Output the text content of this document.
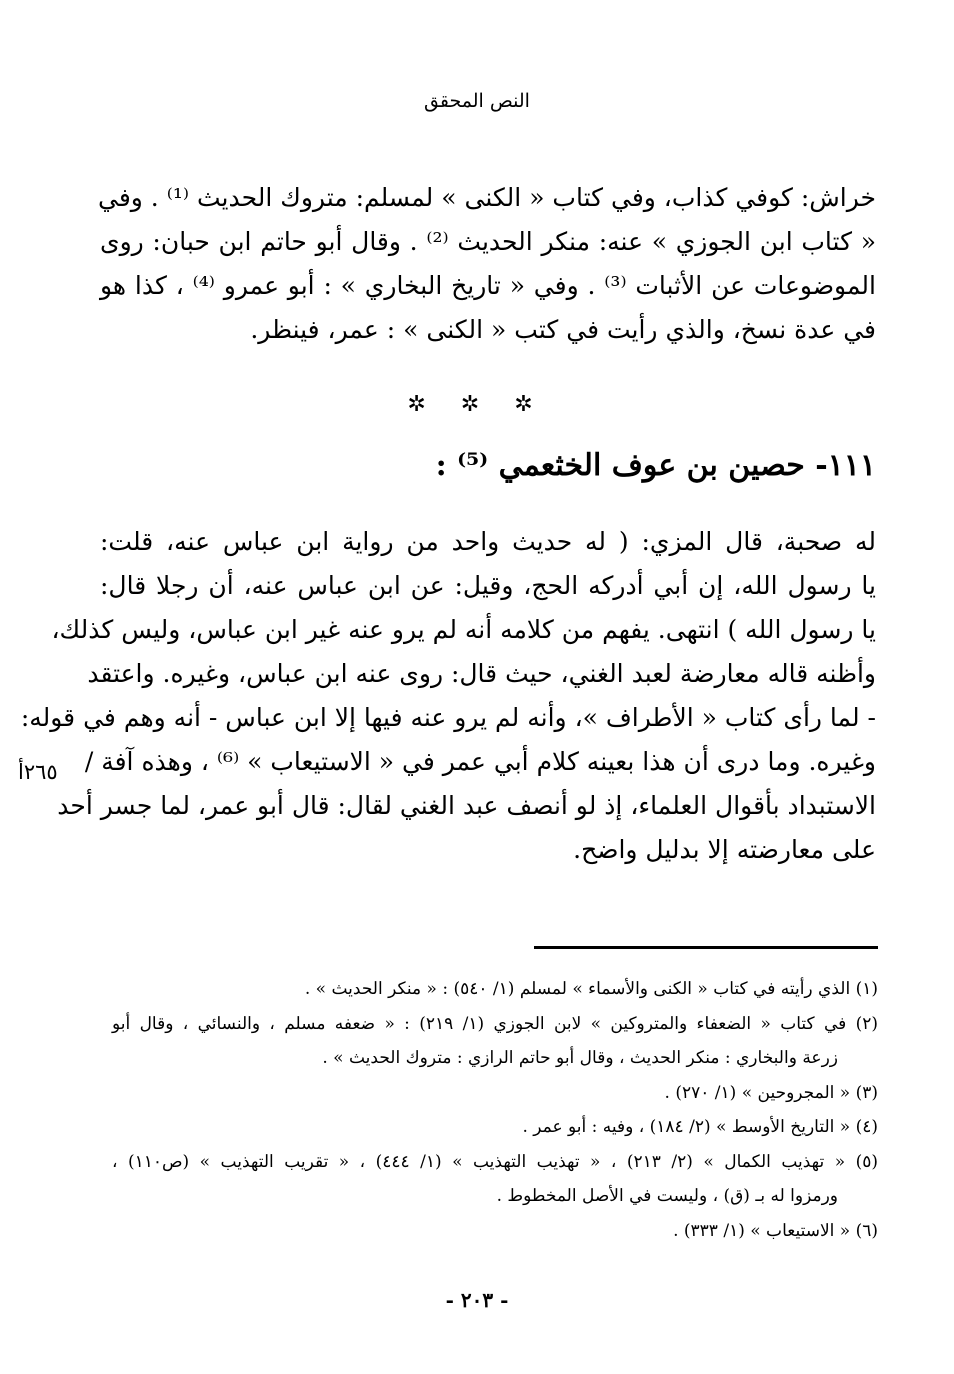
النص المحقق
خراش: كوفي كذاب، وفي كتاب « الكنى » لمسلم: متروك الحديث ⁽¹⁾ . وفي
« كتاب ابن الجوزي » عنه: منكر الحديث ⁽²⁾ . وقال أبو حاتم ابن حبان: روى
الموضوعات عن الأثبات ⁽³⁾ . وفي « تاريخ البخاري » : أبو عمرو ⁽⁴⁾ ، كذا هو
في عدة نسخ، والذي رأيت في كتب « الكنى » : عمر، فينظر.
✲ ✲ ✲
١١١- حصين بن عوف الخثعمي ⁽⁵⁾ :
له صحبة، قال المزي: ( له حديث واحد من رواية ابن عباس عنه، قلت:
يا رسول الله، إن أبي أدركه الحج، وقيل: عن ابن عباس عنه، أن رجلا قال:
يا رسول الله ) انتهى. يفهم من كلامه أنه لم يرو عنه غير ابن عباس، وليس كذلك،
وأظنه قاله معارضة لعبد الغني، حيث قال: روى عنه ابن عباس، وغيره. واعتقد
- لما رأى كتاب « الأطراف »، وأنه لم يرو عنه فيها إلا ابن عباس - أنه وهم في قوله:
وغيره. وما درى أن هذا بعينه كلام أبي عمر في « الاستيعاب » ⁽⁶⁾ ، وهذه آفة /
الاستبداد بأقوال العلماء، إذ لو أنصف عبد الغني لقال: قال أبو عمر، لما جسر أحد
على معارضته إلا بدليل واضح.
٢٦٥أ
(١) الذي رأيته في كتاب « الكنى والأسماء » لمسلم (١/ ٥٤٠) : « منكر الحديث » .
(٢) في كتاب « الضعفاء والمتروكين » لابن الجوزي (١/ ٢١٩) : « ضعفه مسلم ، والنسائي ، وقال أبو
زرعة والبخاري : منكر الحديث ، وقال أبو حاتم الرازي : متروك الحديث » .
(٣) « المجروحين » (١/ ٢٧٠) .
(٤) « التاريخ الأوسط » (٢/ ١٨٤) ، وفيه : أبو عمر .
(٥) « تهذيب الكمال » (٢/ ٢١٣) ، « تهذيب التهذيب » (١/ ٤٤٤) ، « تقريب التهذيب » (ص١١٠) ،
ورمزوا له بـ (ق) ، وليست في الأصل المخطوط .
(٦) « الاستيعاب » (١/ ٣٣٣) .
- ٢٠٣ -
